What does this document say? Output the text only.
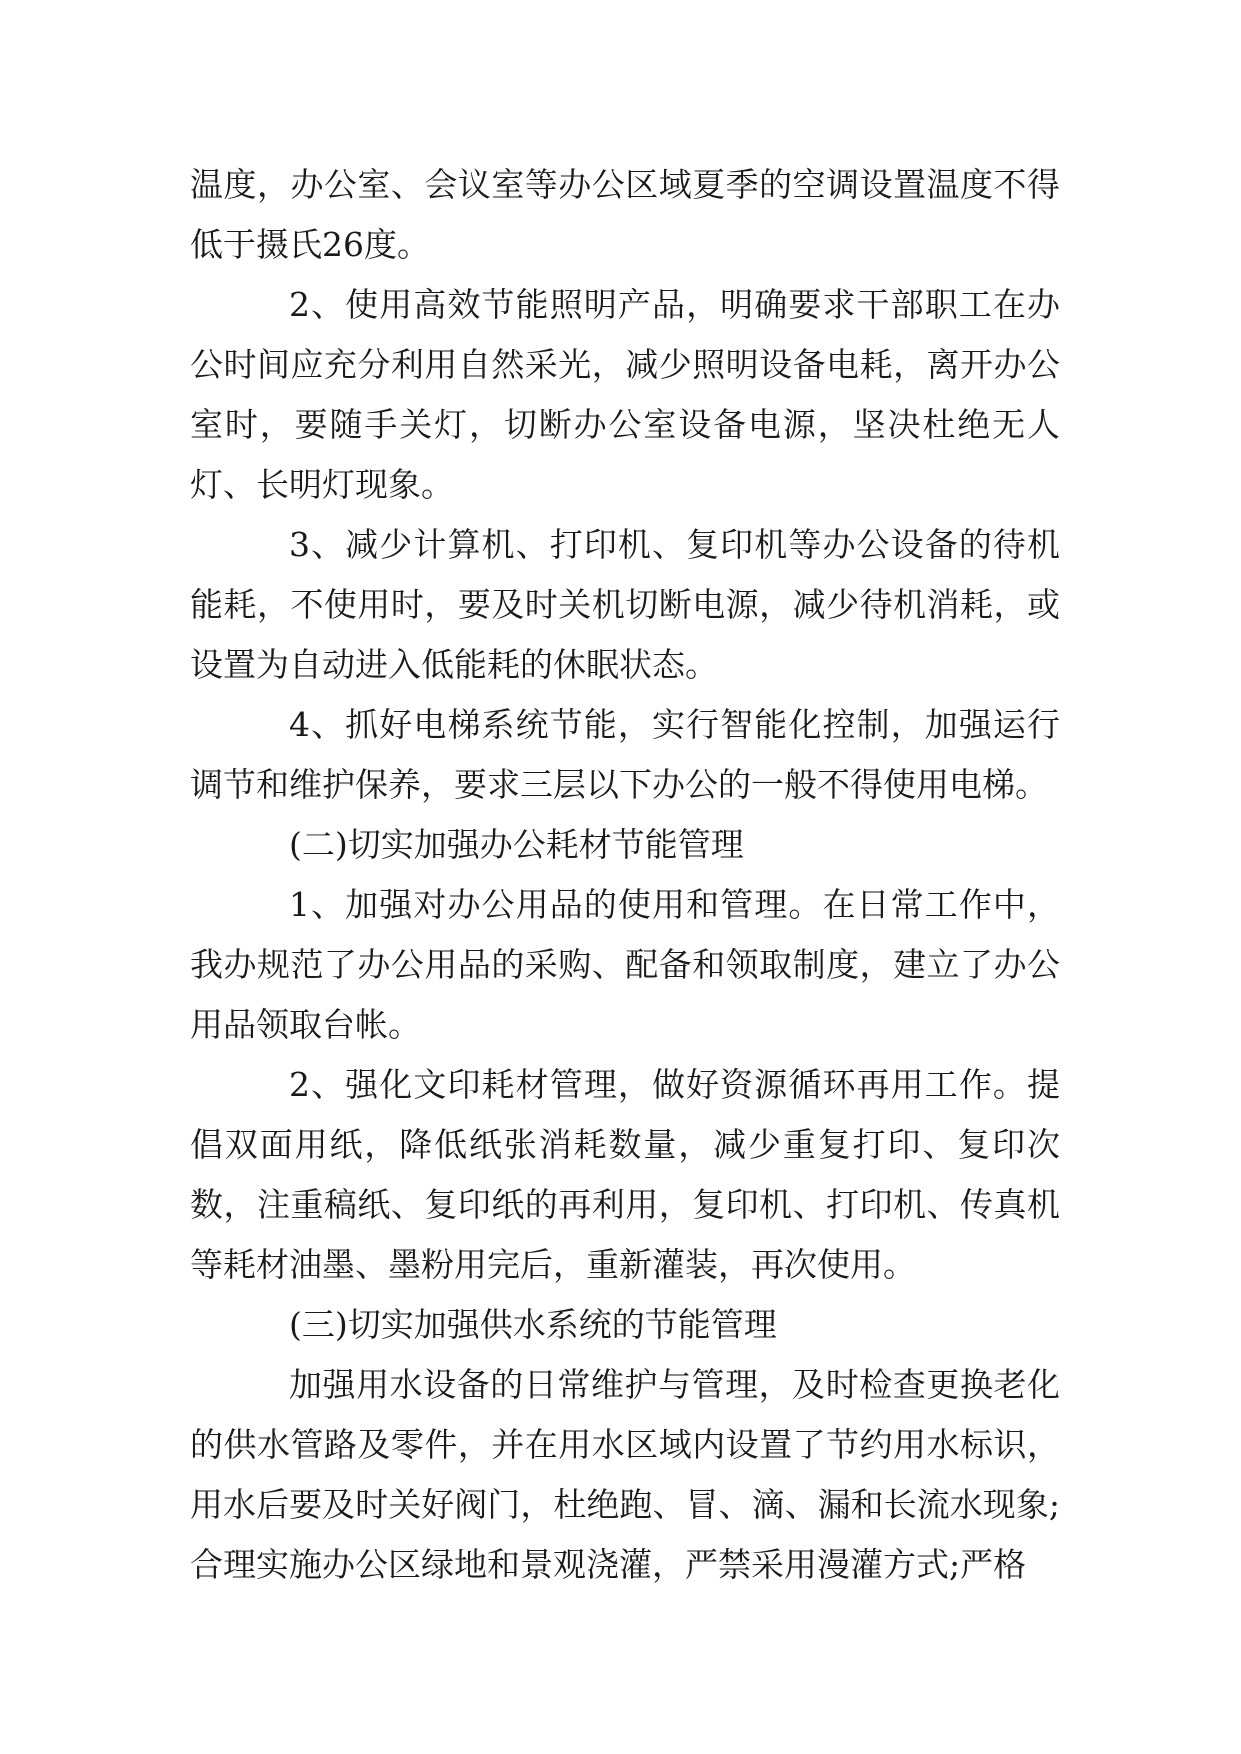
温度，办公室、会议室等办公区域夏季的空调设置温度不得低于摄氏26度。

2、使用高效节能照明产品，明确要求干部职工在办公时间应充分利用自然采光，减少照明设备电耗，离开办公室时，要随手关灯，切断办公室设备电源，坚决杜绝无人灯、长明灯现象。

3、减少计算机、打印机、复印机等办公设备的待机能耗，不使用时，要及时关机切断电源，减少待机消耗，或设置为自动进入低能耗的休眠状态。

4、抓好电梯系统节能，实行智能化控制，加强运行调节和维护保养，要求三层以下办公的一般不得使用电梯。

(二)切实加强办公耗材节能管理

1、加强对办公用品的使用和管理。在日常工作中，我办规范了办公用品的采购、配备和领取制度，建立了办公用品领取台帐。

2、强化文印耗材管理，做好资源循环再用工作。提倡双面用纸，降低纸张消耗数量，减少重复打印、复印次数，注重稿纸、复印纸的再利用，复印机、打印机、传真机等耗材油墨、墨粉用完后，重新灌装，再次使用。

(三)切实加强供水系统的节能管理

加强用水设备的日常维护与管理，及时检查更换老化的供水管路及零件，并在用水区域内设置了节约用水标识，用水后要及时关好阀门，杜绝跑、冒、滴、漏和长流水现象;合理实施办公区绿地和景观浇灌，严禁采用漫灌方式;严格
